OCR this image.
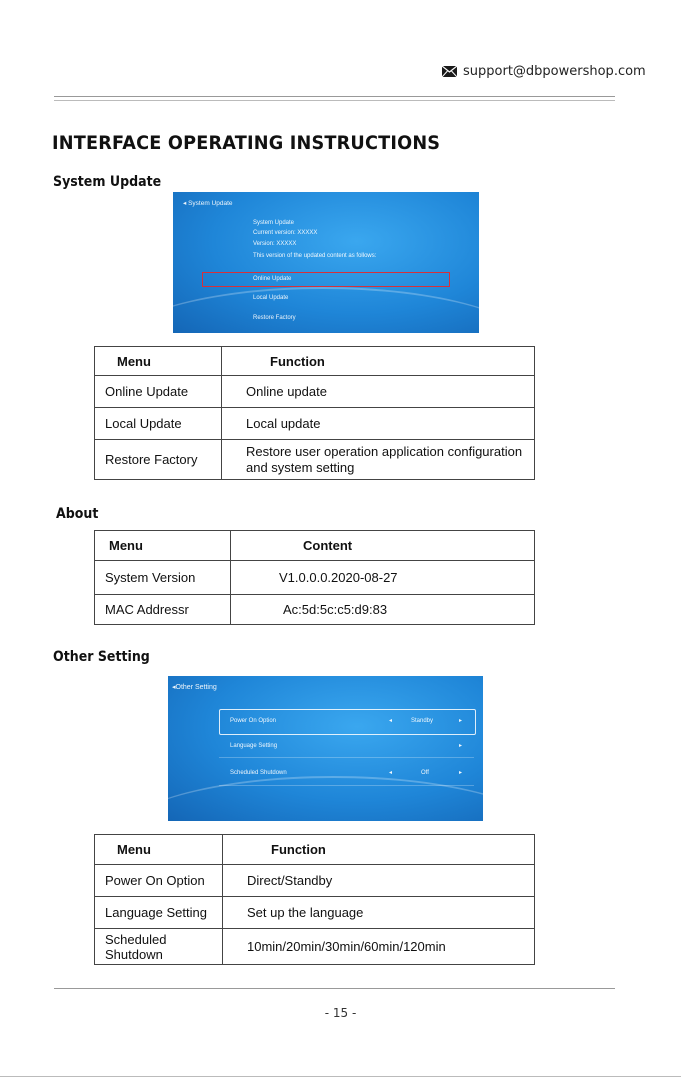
support@dbpowershop.com
INTERFACE OPERATING INSTRUCTIONS
System Update
◂ System Update
System Update
Current version: XXXXX
Version: XXXXX
This version of the updated content as follows:
Online Update
Local Update
Restore Factory
Menu	Function
Online Update	Online update
Local Update	Local update
Restore Factory	Restore user operation application configuration and system setting
About
Menu	Content
System Version	V1.0.0.0.2020-08-27
MAC Addressr	Ac:5d:5c:c5:d9:83
Other Setting
◂Other Setting
Power On Option	◂	Standby	▸
Language Setting	▸
Scheduled Shutdown	◂	Off	▸
Menu	Function
Power On Option	Direct/Standby
Language Setting	Set up the language

Scheduled Shutdown	10min/20min/30min/60min/120min
- 15 -
